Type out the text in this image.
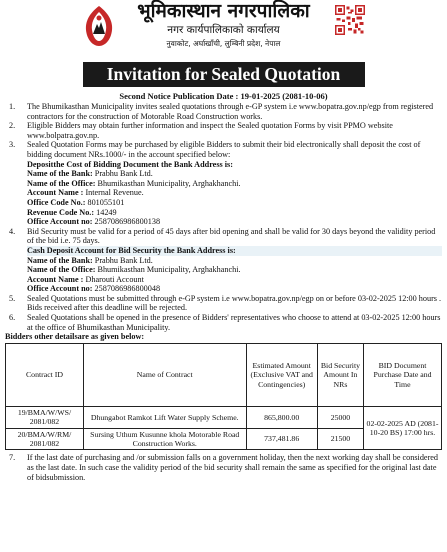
भूमिकास्थान नगरपालिका
नगर कार्यपालिकाको कार्यालय
नुवाकोट, अर्घाखाँची, लुम्बिनी प्रदेश, नेपाल
Invitation for Sealed Quotation
Second Notice Publication Date : 19-01-2025 (2081-10-06)

1. The Bhumikasthan Municipality invites sealed quotations through e-GP system i.e www.bopatra.gov.np/egp from registered contractors for the construction of Motorable Road Construction works.

2. Eligible Bidders may obtain further information and inspect the Sealed quotation Forms by visit PPMO website www.bolpatra.gov.np.

3. Sealed Quotation Forms may be purchased by eligible Bidders to submit their bid electronically shall deposit the cost of bidding document NRs.1000/- in the account specified below:

Depositthe Cost of Bidding Document the Bank Address is:
Name of the Bank: Prabhu Bank Ltd.
Name of the Office: Bhumikasthan Municipality, Arghakhanchi.
Account Name : Internal Revenue.
Office Code No.: 801055101
Revenue Code No.: 14249
Office Account no: 2587086986800138

4. Bid Security must be valid for a period of 45 days after bid opening and shall be valid for 30 days beyond the validity period of the bid i.e. 75 days.

Cash Deposit Account for Bid Security the Bank Address is:
Name of the Bank: Prabhu Bank Ltd.
Name of the Office: Bhumikasthan Municipality, Arghakhanchi.
Account Name : Dharouti Account
Office Account no: 2587086986800048

5. Sealed Quotations must be submitted through e-GP system i.e www.bopatra.gov.np/egp on or before 03-02-2025 12:00 hours . Bids received after this deadline will be rejected.

6. Sealed Quotations shall be opened in the presence of Bidders' representatives who choose to attend at 03-02-2025 12:00 hours at the office of Bhumikasthan Municipality.

Bidders other detailsare as given below:
Contract ID	Name of Contract	Estimated Amount (Exclusive VAT and Contingencies)	Bid Security Amount In NRs	BID Document Purchase Date and Time
19/BMA/W/WS/ 2081/082	Dhungabot Ramkot Lift Water Supply Scheme.	865,800.00	25000	02-02-2025 AD (2081-10-20 BS) 17:00 hrs.
20/BMA/W/RM/ 2081/082	Sursing Uthum Kusunne khola Motorable Road Construction Works.	737,481.86	21500	

7. If the last date of purchasing and /or submission falls on a government holiday, then the next working day shall be considered as the last date. In such case the validity period of the bid security shall remain the same as specified for the original last date of bidsubmission.
